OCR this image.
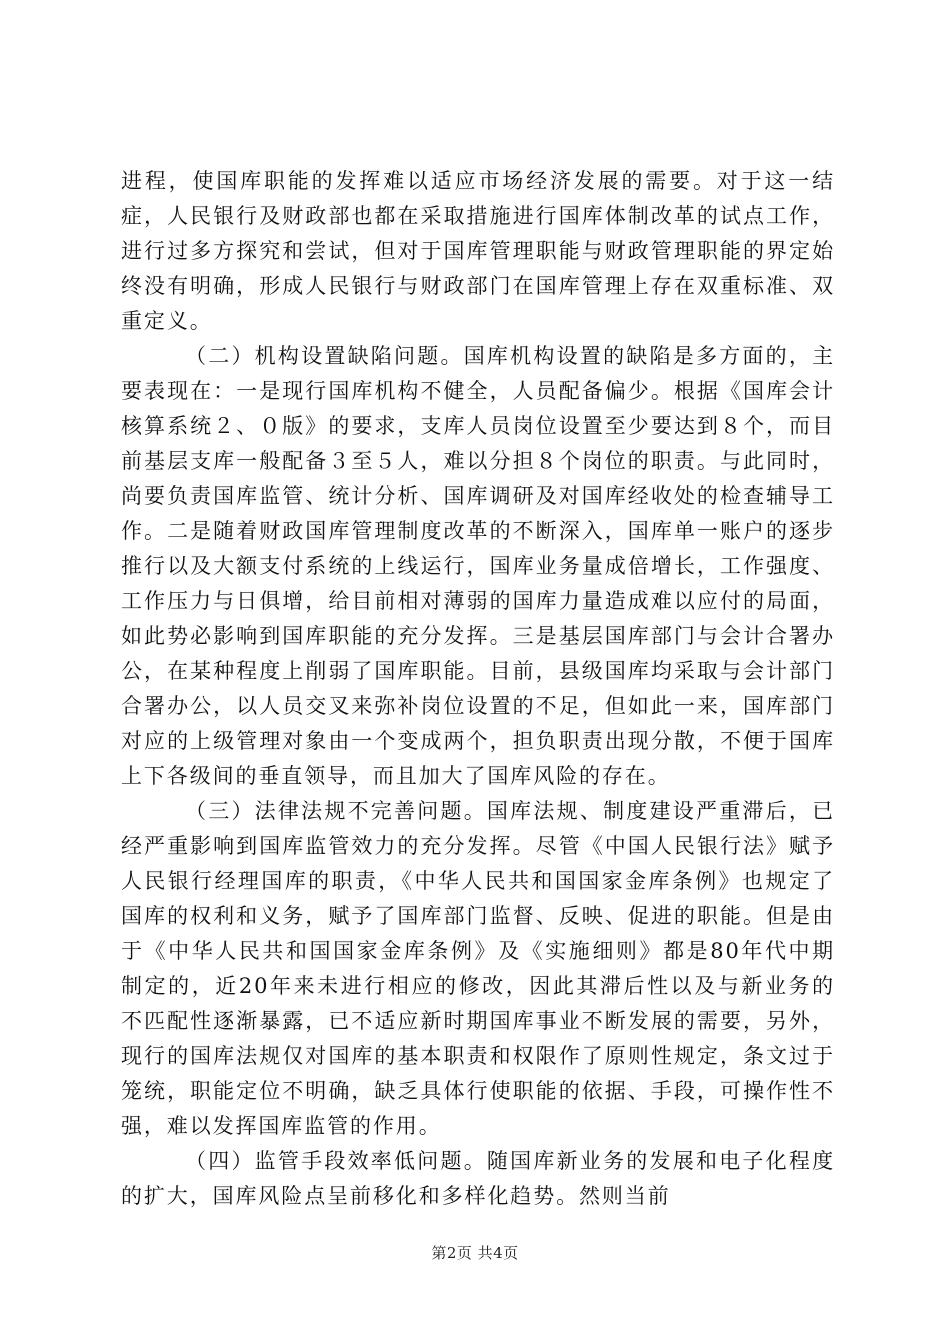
进程，使国库职能的发挥难以适应市场经济发展的需要。对于这一结症，人民银行及财政部也都在采取措施进行国库体制改革的试点工作，进行过多方探究和尝试，但对于国库管理职能与财政管理职能的界定始终没有明确，形成人民银行与财政部门在国库管理上存在双重标准、双重定义。

（二）机构设置缺陷问题。国库机构设置的缺陷是多方面的，主要表现在：一是现行国库机构不健全，人员配备偏少。根据《国库会计核算系统２、０版》的要求，支库人员岗位设置至少要达到８个，而目前基层支库一般配备３至５人，难以分担８个岗位的职责。与此同时，尚要负责国库监管、统计分析、国库调研及对国库经收处的检查辅导工作。二是随着财政国库管理制度改革的不断深入，国库单一账户的逐步推行以及大额支付系统的上线运行，国库业务量成倍增长，工作强度、工作压力与日俱增，给目前相对薄弱的国库力量造成难以应付的局面，如此势必影响到国库职能的充分发挥。三是基层国库部门与会计合署办公，在某种程度上削弱了国库职能。目前，县级国库均采取与会计部门合署办公，以人员交叉来弥补岗位设置的不足，但如此一来，国库部门对应的上级管理对象由一个变成两个，担负职责出现分散，不便于国库上下各级间的垂直领导，而且加大了国库风险的存在。

（三）法律法规不完善问题。国库法规、制度建设严重滞后，已经严重影响到国库监管效力的充分发挥。尽管《中国人民银行法》赋予人民银行经理国库的职责，《中华人民共和国国家金库条例》也规定了国库的权利和义务，赋予了国库部门监督、反映、促进的职能。但是由于《中华人民共和国国家金库条例》及《实施细则》都是80年代中期制定的，近20年来未进行相应的修改，因此其滞后性以及与新业务的不匹配性逐渐暴露，已不适应新时期国库事业不断发展的需要，另外，现行的国库法规仅对国库的基本职责和权限作了原则性规定，条文过于笼统，职能定位不明确，缺乏具体行使职能的依据、手段，可操作性不强，难以发挥国库监管的作用。

（四）监管手段效率低问题。随国库新业务的发展和电子化程度的扩大，国库风险点呈前移化和多样化趋势。然则当前

第2页 共4页
